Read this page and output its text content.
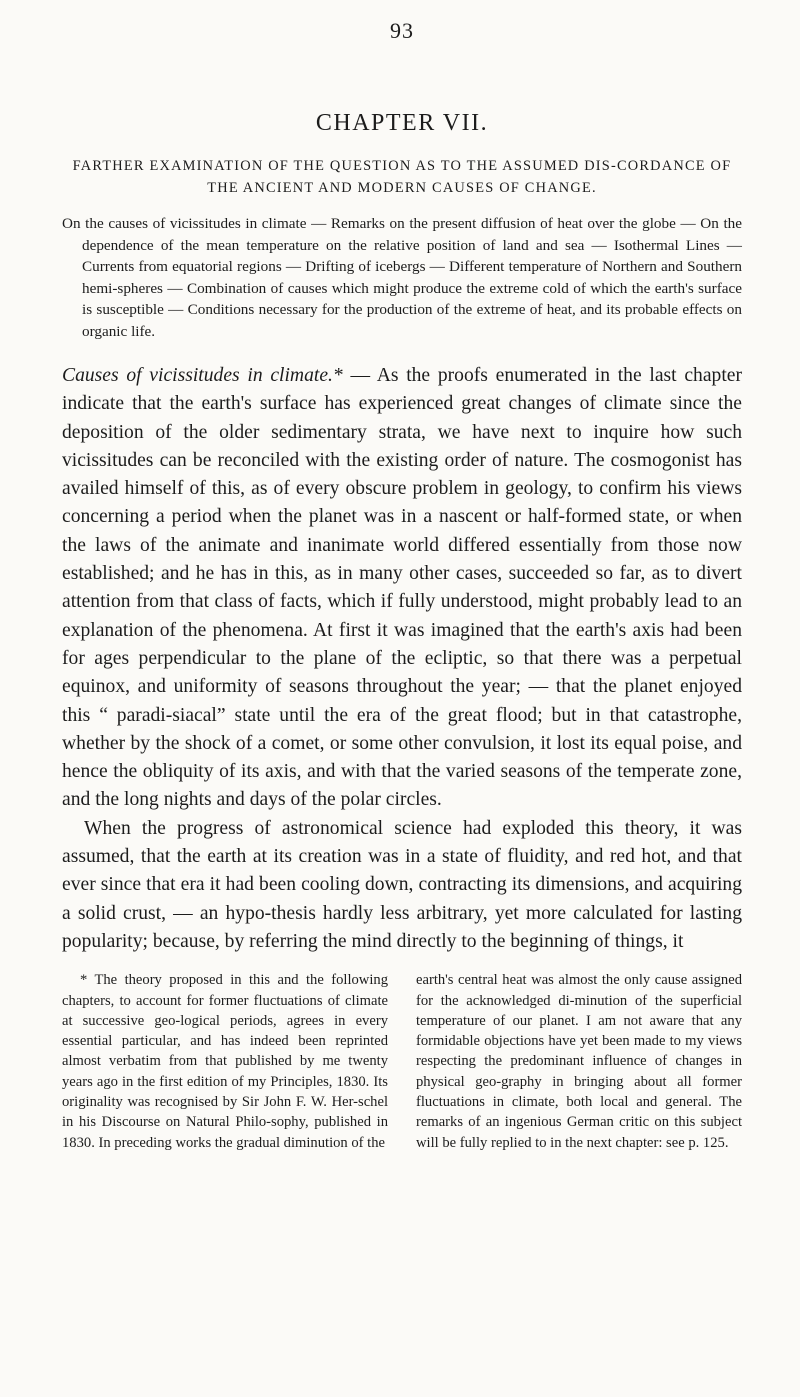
93
CHAPTER VII.
FARTHER EXAMINATION OF THE QUESTION AS TO THE ASSUMED DIS-CORDANCE OF THE ANCIENT AND MODERN CAUSES OF CHANGE.

On the causes of vicissitudes in climate — Remarks on the present diffusion of heat over the globe — On the dependence of the mean temperature on the relative position of land and sea — Isothermal Lines — Currents from equatorial regions — Drifting of icebergs — Different temperature of Northern and Southern hemi-spheres — Combination of causes which might produce the extreme cold of which the earth's surface is susceptible — Conditions necessary for the production of the extreme of heat, and its probable effects on organic life.

Causes of vicissitudes in climate.* — As the proofs enumerated in the last chapter indicate that the earth's surface has experienced great changes of climate since the deposition of the older sedimentary strata, we have next to inquire how such vicissitudes can be reconciled with the existing order of nature. The cosmogonist has availed himself of this, as of every obscure problem in geology, to confirm his views concerning a period when the planet was in a nascent or half-formed state, or when the laws of the animate and inanimate world differed essentially from those now established; and he has in this, as in many other cases, succeeded so far, as to divert attention from that class of facts, which if fully understood, might probably lead to an explanation of the phenomena. At first it was imagined that the earth's axis had been for ages perpendicular to the plane of the ecliptic, so that there was a perpetual equinox, and uniformity of seasons throughout the year; — that the planet enjoyed this “ paradi-siacal” state until the era of the great flood; but in that catastrophe, whether by the shock of a comet, or some other convulsion, it lost its equal poise, and hence the obliquity of its axis, and with that the varied seasons of the temperate zone, and the long nights and days of the polar circles.

When the progress of astronomical science had exploded this theory, it was assumed, that the earth at its creation was in a state of fluidity, and red hot, and that ever since that era it had been cooling down, contracting its dimensions, and acquiring a solid crust, — an hypo-thesis hardly less arbitrary, yet more calculated for lasting popularity; because, by referring the mind directly to the beginning of things, it

* The theory proposed in this and the following chapters, to account for former fluctuations of climate at successive geo-logical periods, agrees in every essential particular, and has indeed been reprinted almost verbatim from that published by me twenty years ago in the first edition of my Principles, 1830. Its originality was recognised by Sir John F. W. Her-schel in his Discourse on Natural Philo-sophy, published in 1830. In preceding works the gradual diminution of the

earth's central heat was almost the only cause assigned for the acknowledged di-minution of the superficial temperature of our planet. I am not aware that any formidable objections have yet been made to my views respecting the predominant influence of changes in physical geo-graphy in bringing about all former fluctuations in climate, both local and general. The remarks of an ingenious German critic on this subject will be fully replied to in the next chapter: see p. 125.
